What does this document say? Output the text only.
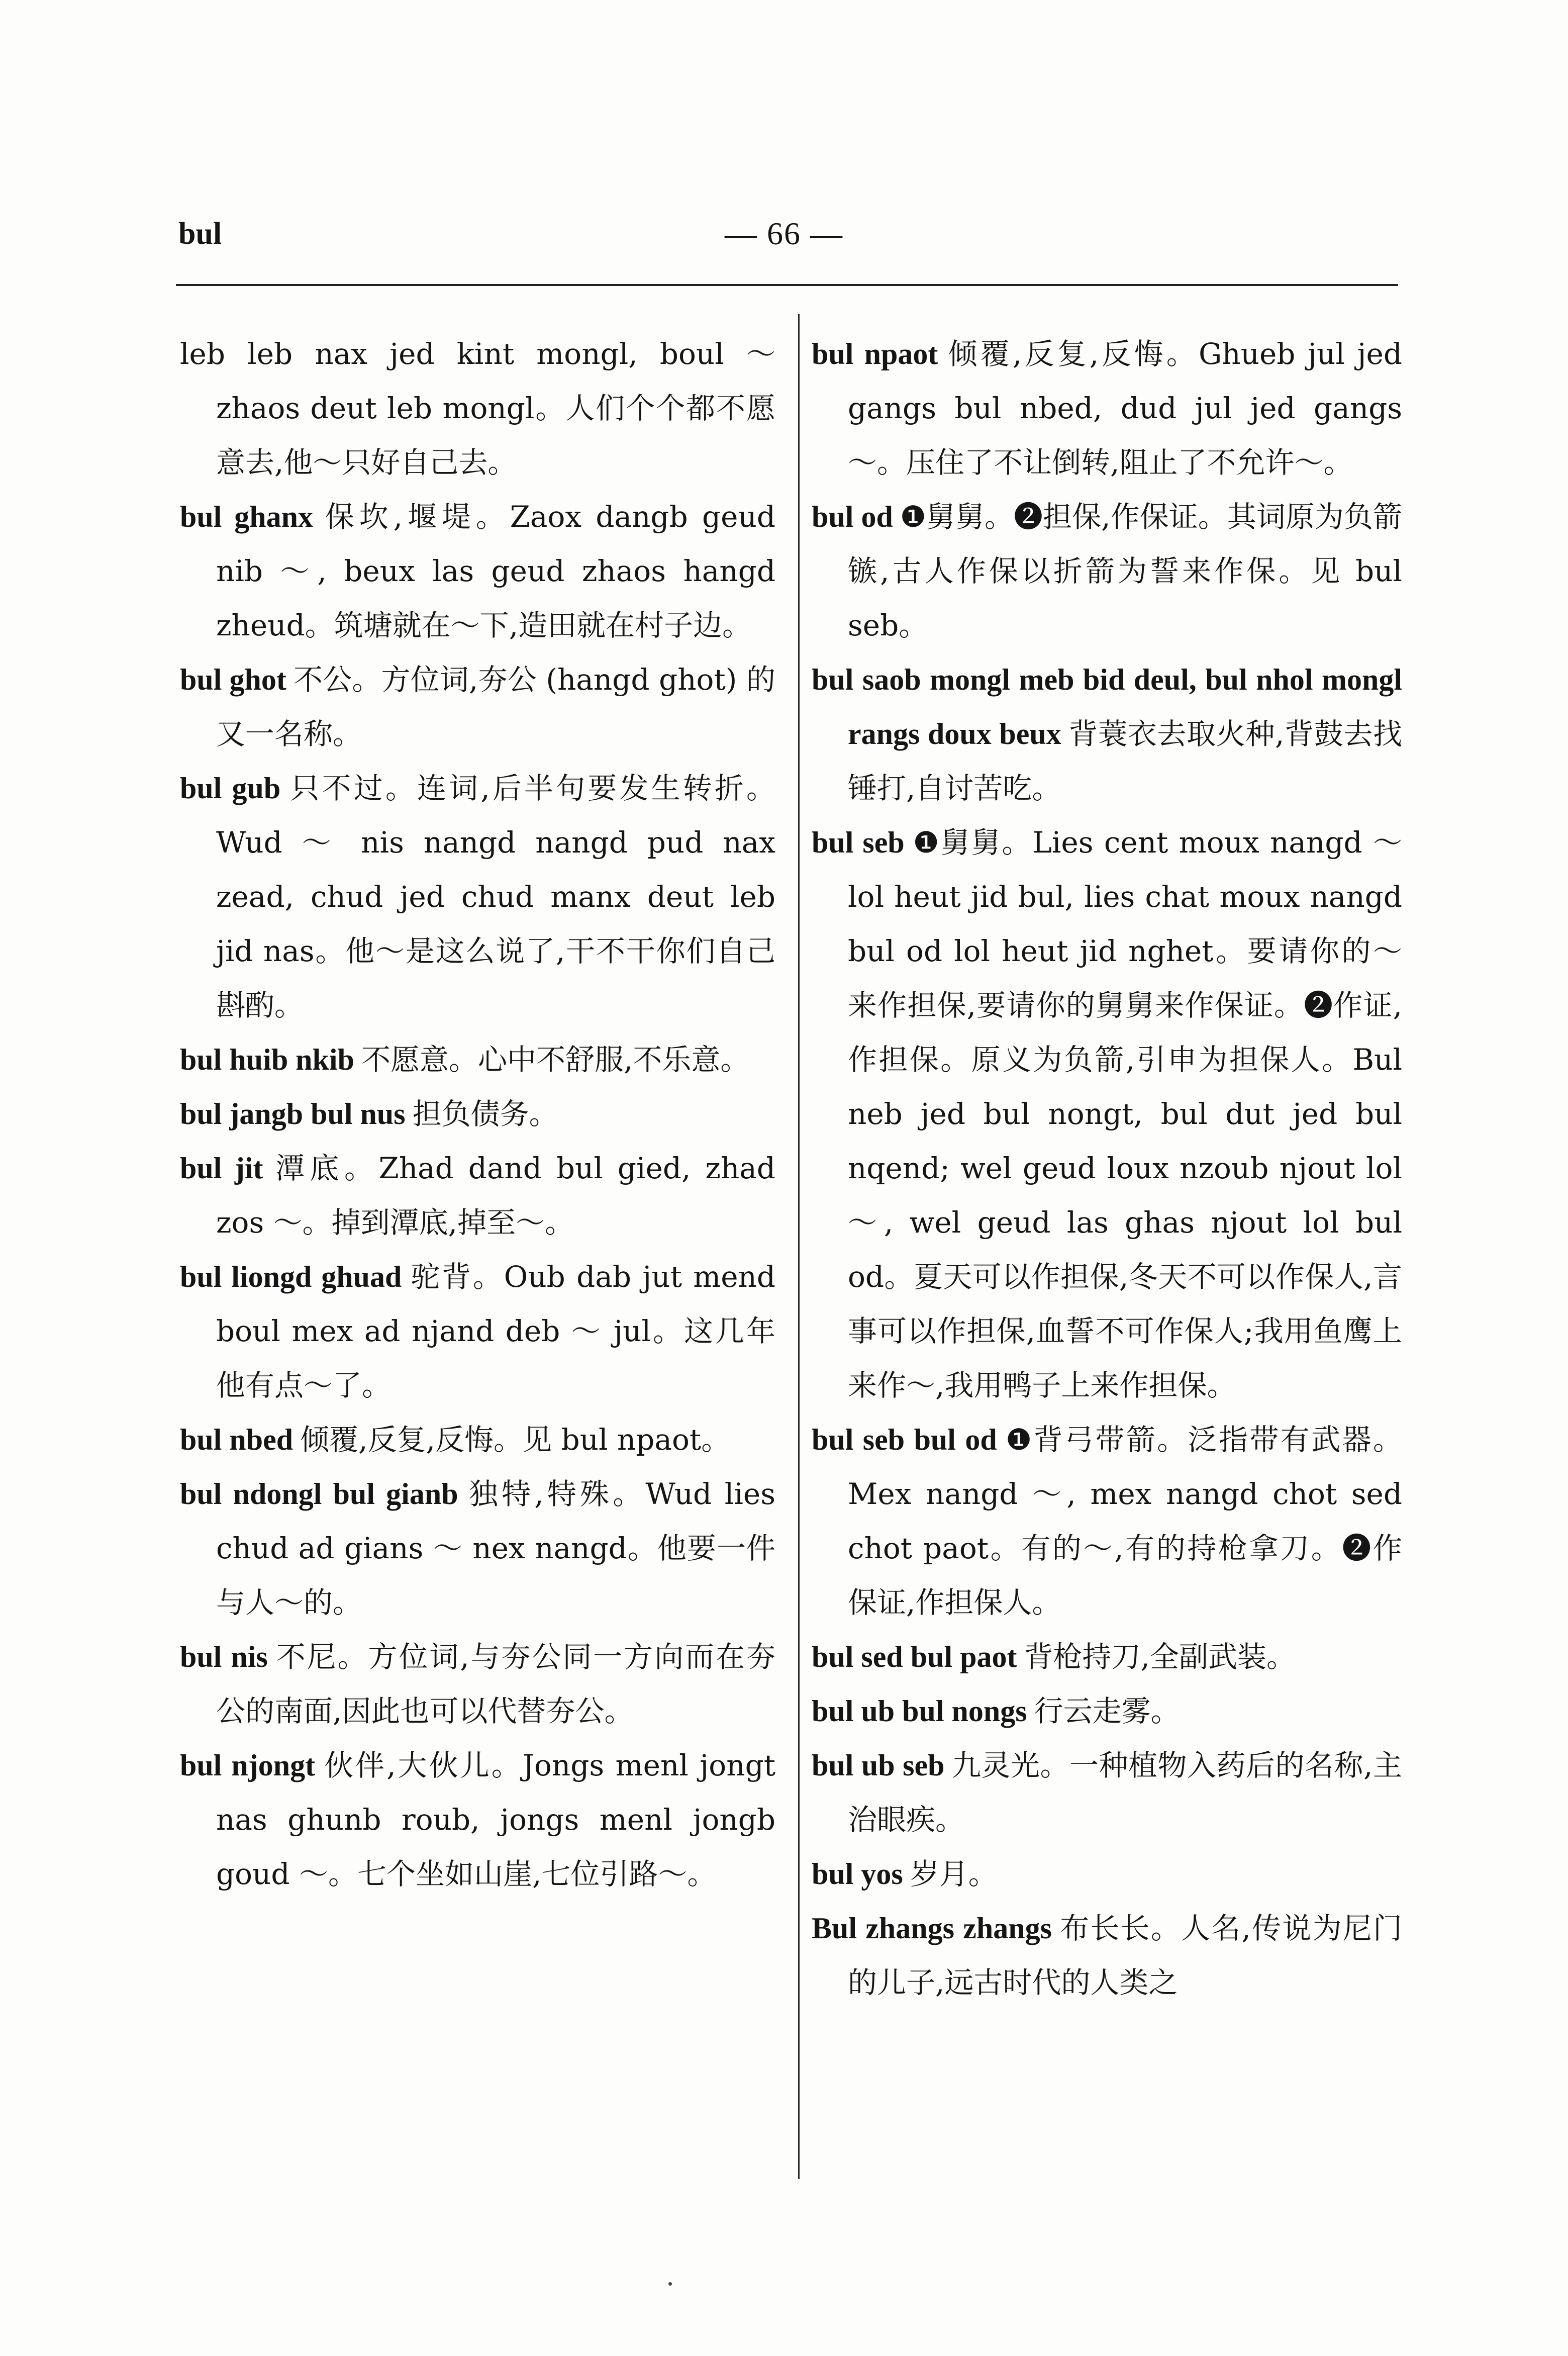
bul	— 66 —

leb leb nax jed kint mongl, boul ～ zhaos deut leb mongl。人们个个都不愿意去,他～只好自己去。

bul ghanx 保坎,堰堤。Zaox dangb geud nib ～, beux las geud zhaos hangd zheud。筑塘就在～下,造田就在村子边。

bul ghot 不公。方位词,夯公 (hangd ghot) 的又一名称。

bul gub 只不过。连词,后半句要发生转折。Wud ～ nis nangd nangd pud nax zead, chud jed chud manx deut leb jid nas。他～是这么说了,干不干你们自己斟酌。

bul huib nkib 不愿意。心中不舒服,不乐意。

bul jangb bul nus 担负债务。

bul jit 潭底。Zhad dand bul gied, zhad zos ～。掉到潭底,掉至～。

bul liongd ghuad 驼背。Oub dab jut mend boul mex ad njand deb ～ jul。这几年他有点～了。

bul nbed 倾覆,反复,反悔。见 bul npaot。

bul ndongl bul gianb 独特,特殊。Wud lies chud ad gians ～ nex nangd。他要一件与人～的。

bul nis 不尼。方位词,与夯公同一方向而在夯公的南面,因此也可以代替夯公。

bul njongt 伙伴,大伙儿。Jongs menl jongt nas ghunb roub, jongs menl jongb goud ～。七个坐如山崖,七位引路～。

bul npaot 倾覆,反复,反悔。Ghueb jul jed gangs bul nbed, dud jul jed gangs ～。压住了不让倒转,阻止了不允许～。

bul od ❶舅舅。❷担保,作保证。其词原为负箭镞,古人作保以折箭为誓来作保。见 bul seb。

bul saob mongl meb bid deul, bul nhol mongl rangs doux beux 背蓑衣去取火种,背鼓去找锤打,自讨苦吃。

bul seb ❶舅舅。Lies cent moux nangd ～ lol heut jid bul, lies chat moux nangd bul od lol heut jid nghet。要请你的～来作担保,要请你的舅舅来作保证。❷作证,作担保。原义为负箭,引申为担保人。Bul neb jed bul nongt, bul dut jed bul nqend; wel geud loux nzoub njout lol ～, wel geud las ghas njout lol bul od。夏天可以作担保,冬天不可以作保人,言事可以作担保,血誓不可作保人;我用鱼鹰上来作～,我用鸭子上来作担保。

bul seb bul od ❶背弓带箭。泛指带有武器。Mex nangd ～, mex nangd chot sed chot paot。有的～,有的持枪拿刀。❷作保证,作担保人。

bul sed bul paot 背枪持刀,全副武装。

bul ub bul nongs 行云走雾。

bul ub seb 九灵光。一种植物入药后的名称,主治眼疾。

bul yos 岁月。

Bul zhangs zhangs 布长长。人名,传说为尼门的儿子,远古时代的人类之
